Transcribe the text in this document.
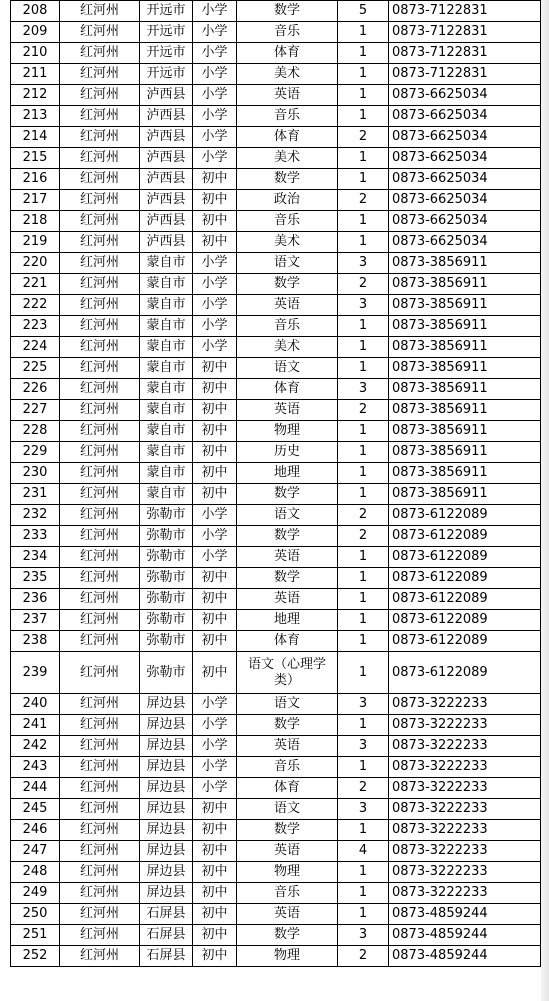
208	红河州	开远市	小学	数学	5	0873-7122831
209	红河州	开远市	小学	音乐	1	0873-7122831
210	红河州	开远市	小学	体育	1	0873-7122831
211	红河州	开远市	小学	美术	1	0873-7122831
212	红河州	泸西县	小学	英语	1	0873-6625034
213	红河州	泸西县	小学	音乐	1	0873-6625034
214	红河州	泸西县	小学	体育	2	0873-6625034
215	红河州	泸西县	小学	美术	1	0873-6625034
216	红河州	泸西县	初中	数学	1	0873-6625034
217	红河州	泸西县	初中	政治	2	0873-6625034
218	红河州	泸西县	初中	音乐	1	0873-6625034
219	红河州	泸西县	初中	美术	1	0873-6625034
220	红河州	蒙自市	小学	语文	3	0873-3856911
221	红河州	蒙自市	小学	数学	2	0873-3856911
222	红河州	蒙自市	小学	英语	3	0873-3856911
223	红河州	蒙自市	小学	音乐	1	0873-3856911
224	红河州	蒙自市	小学	美术	1	0873-3856911
225	红河州	蒙自市	初中	语文	1	0873-3856911
226	红河州	蒙自市	初中	体育	3	0873-3856911
227	红河州	蒙自市	初中	英语	2	0873-3856911
228	红河州	蒙自市	初中	物理	1	0873-3856911
229	红河州	蒙自市	初中	历史	1	0873-3856911
230	红河州	蒙自市	初中	地理	1	0873-3856911
231	红河州	蒙自市	初中	数学	1	0873-3856911
232	红河州	弥勒市	小学	语文	2	0873-6122089
233	红河州	弥勒市	小学	数学	2	0873-6122089
234	红河州	弥勒市	小学	英语	1	0873-6122089
235	红河州	弥勒市	初中	数学	1	0873-6122089
236	红河州	弥勒市	初中	英语	1	0873-6122089
237	红河州	弥勒市	初中	地理	1	0873-6122089
238	红河州	弥勒市	初中	体育	1	0873-6122089
239	红河州	弥勒市	初中	语文（心理学类）	1	0873-6122089
240	红河州	屏边县	小学	语文	3	0873-3222233
241	红河州	屏边县	小学	数学	1	0873-3222233
242	红河州	屏边县	小学	英语	3	0873-3222233
243	红河州	屏边县	小学	音乐	1	0873-3222233
244	红河州	屏边县	小学	体育	2	0873-3222233
245	红河州	屏边县	初中	语文	3	0873-3222233
246	红河州	屏边县	初中	数学	1	0873-3222233
247	红河州	屏边县	初中	英语	4	0873-3222233
248	红河州	屏边县	初中	物理	1	0873-3222233
249	红河州	屏边县	初中	音乐	1	0873-3222233
250	红河州	石屏县	初中	英语	1	0873-4859244
251	红河州	石屏县	初中	数学	3	0873-4859244
252	红河州	石屏县	初中	物理	2	0873-4859244
